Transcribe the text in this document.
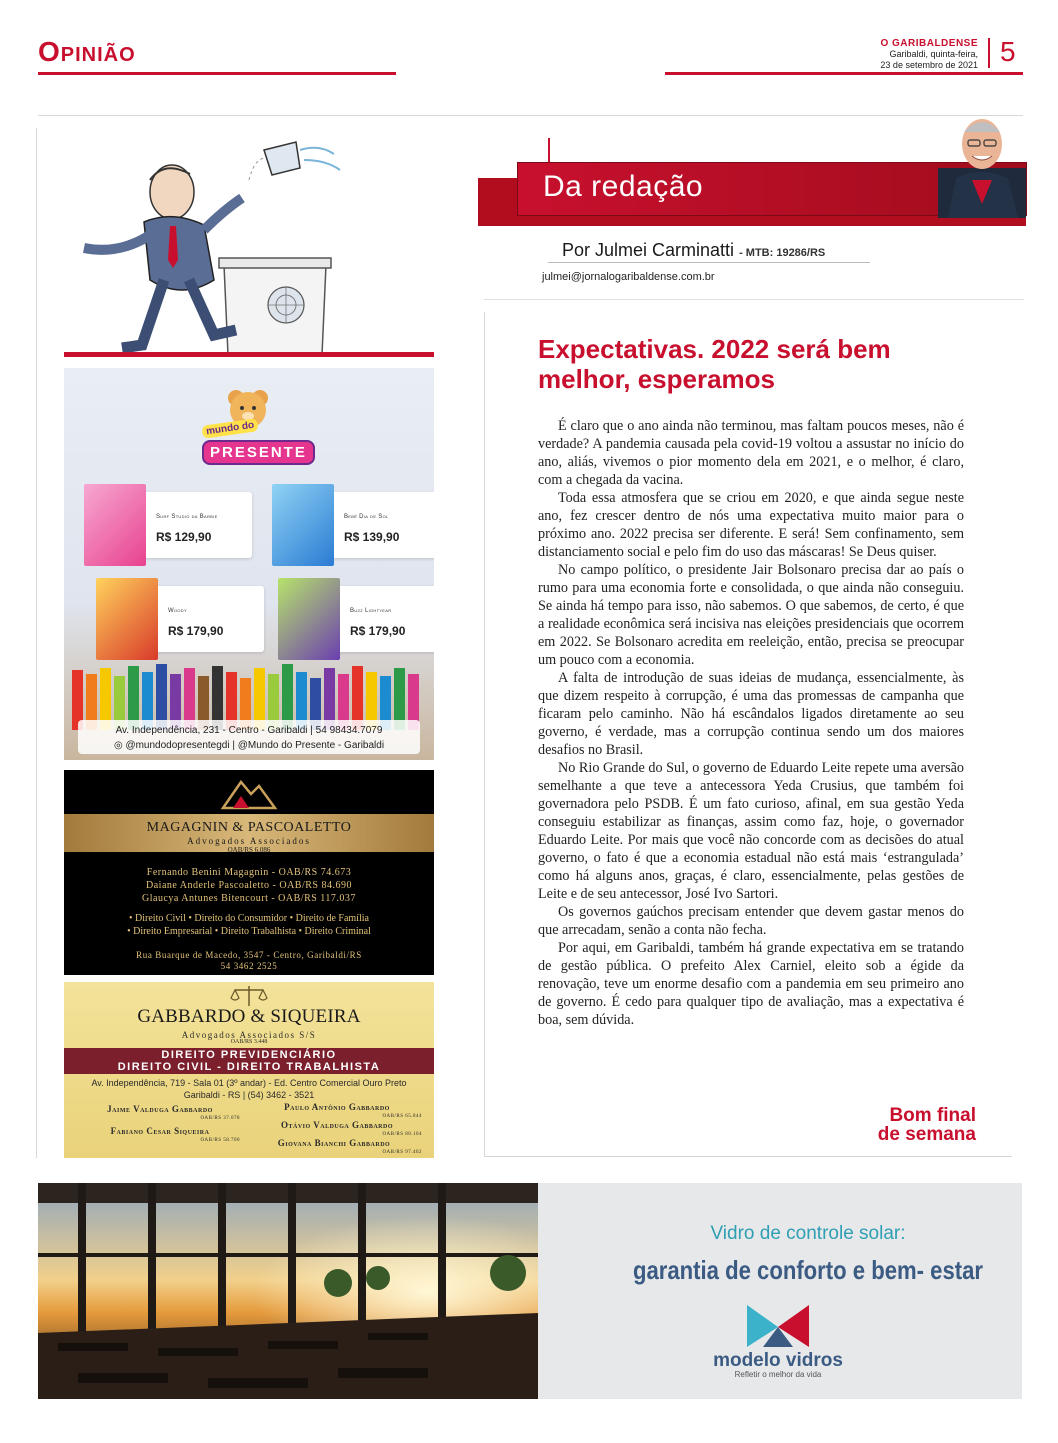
Opinião	O GARIBALDENSE
Garibaldi, quinta-feira,
23 de setembro de 2021 5
mundo do
PRESENTE
Surf Studio da Barbie
R$ 129,90
Bebê Dia de Sol
R$ 139,90
Woody
R$ 179,90
Buzz Lightyear
R$ 179,90
Av. Independência, 231 - Centro - Garibaldi | 54 98434.7079
◎ @mundodopresentegdi | @Mundo do Presente - Garibaldi
MAGAGNIN & PASCOALETTO
Advogados Associados
OAB/RS 6.086
Fernando Benini Magagnin - OAB/RS 74.673
Daiane Anderle Pascoaletto - OAB/RS 84.690
Glaucya Antunes Bitencourt - OAB/RS 117.037
• Direito Civil • Direito do Consumidor • Direito de Família
• Direito Empresarial • Direito Trabalhista • Direito Criminal
Rua Buarque de Macedo, 3547 - Centro, Garibaldi/RS
54 3462 2525
GABBARDO & SIQUEIRA
Advogados Associados S/S
OAB/RS 3.448
DIREITO PREVIDENCIÁRIO
DIREITO CIVIL - DIREITO TRABALHISTA
Av. Independência, 719 - Sala 01 (3º andar) - Ed. Centro Comercial Ouro Preto
Garibaldi - RS | (54) 3462 - 3521
Jaime Valduga Gabbardo
OAB/RS 37.078
Fabiano Cesar Siqueira
OAB/RS 58.700
Paulo Antônio Gabbardo
OAB/RS 65.844
Otávio Valduga Gabbardo
OAB/RS 80.104
Giovana Bianchi Gabbardo
OAB/RS 97.402
Da redação
Por Julmei Carminatti - MTB: 19286/RS
julmei@jornalogaribaldense.com.br
Expectativas. 2022 será bem melhor, esperamos

É claro que o ano ainda não terminou, mas faltam poucos meses, não é verdade? A pandemia causada pela covid-19 voltou a assustar no início do ano, aliás, vivemos o pior momento dela em 2021, e o melhor, é claro, com a chegada da vacina.

Toda essa atmosfera que se criou em 2020, e que ainda segue neste ano, fez crescer dentro de nós uma expectativa muito maior para o próximo ano. 2022 precisa ser diferente. E será! Sem confinamento, sem distanciamento social e pelo fim do uso das máscaras! Se Deus quiser.

No campo político, o presidente Jair Bolsonaro precisa dar ao país o rumo para uma economia forte e consolidada, o que ainda não conseguiu. Se ainda há tempo para isso, não sabemos. O que sabemos, de certo, é que a realidade econômica será incisiva nas eleições presidenciais que ocorrem em 2022. Se Bolsonaro acredita em reeleição, então, precisa se preocupar um pouco com a economia.

A falta de introdução de suas ideias de mudança, essencialmente, às que dizem respeito à corrupção, é uma das promessas de campanha que ficaram pelo caminho. Não há escândalos ligados diretamente ao seu governo, é verdade, mas a corrupção continua sendo um dos maiores desafios no Brasil.

No Rio Grande do Sul, o governo de Eduardo Leite repete uma aversão semelhante a que teve a antecessora Yeda Crusius, que também foi governadora pelo PSDB. É um fato curioso, afinal, em sua gestão Yeda conseguiu estabilizar as finanças, assim como faz, hoje, o governador Eduardo Leite. Por mais que você não concorde com as decisões do atual governo, o fato é que a economia estadual não está mais ‘estrangulada’ como há alguns anos, graças, é claro, essencialmente, pelas gestões de Leite e de seu antecessor, José Ivo Sartori.

Os governos gaúchos precisam entender que devem gastar menos do que arrecadam, senão a conta não fecha.

Por aqui, em Garibaldi, também há grande expectativa em se tratando de gestão pública. O prefeito Alex Carniel, eleito sob a égide da renovação, teve um enorme desafio com a pandemia em seu primeiro ano de governo. É cedo para qualquer tipo de avaliação, mas a expectativa é boa, sem dúvida.

Bom final
de semana
Vidro de controle solar:
garantia de conforto e bem- estar
modelo vidros
Refletir o melhor da vida
